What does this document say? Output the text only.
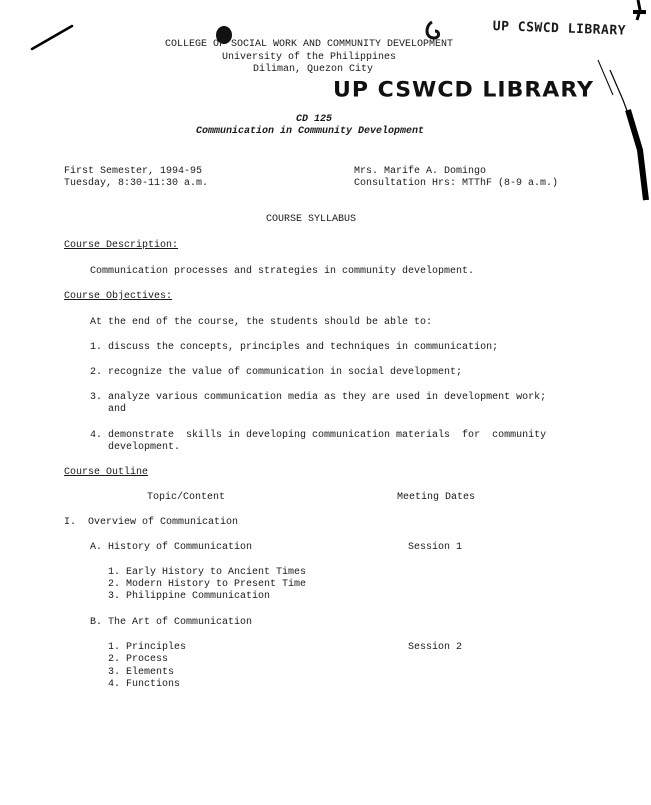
UP CSWCD LIBRARY
UP CSWCD LIBRARY
COLLEGE OF SOCIAL WORK AND COMMUNITY DEVELOPMENT
University of the Philippines
Diliman, Quezon City
CD 125
Communication in Community Development
First Semester, 1994-95
Tuesday, 8:30-11:30 a.m.
Mrs. Marife A. Domingo
Consultation Hrs: MTThF (8-9 a.m.)
COURSE SYLLABUS
Course Description:
Communication processes and strategies in community development.
Course Objectives:
At the end of the course, the students should be able to:
1. discuss the concepts, principles and techniques in communication;
2. recognize the value of communication in social development;
3. analyze various communication media as they are used in development work;
and
4. demonstrate  skills in developing communication materials  for  community
development.
Course Outline
Topic/Content	Meeting Dates
I.  Overview of Communication
A. History of Communication	Session 1
1. Early History to Ancient Times
2. Modern History to Present Time
3. Philippine Communication
B. The Art of Communication
Session 2
1. Principles
2. Process
3. Elements
4. Functions
